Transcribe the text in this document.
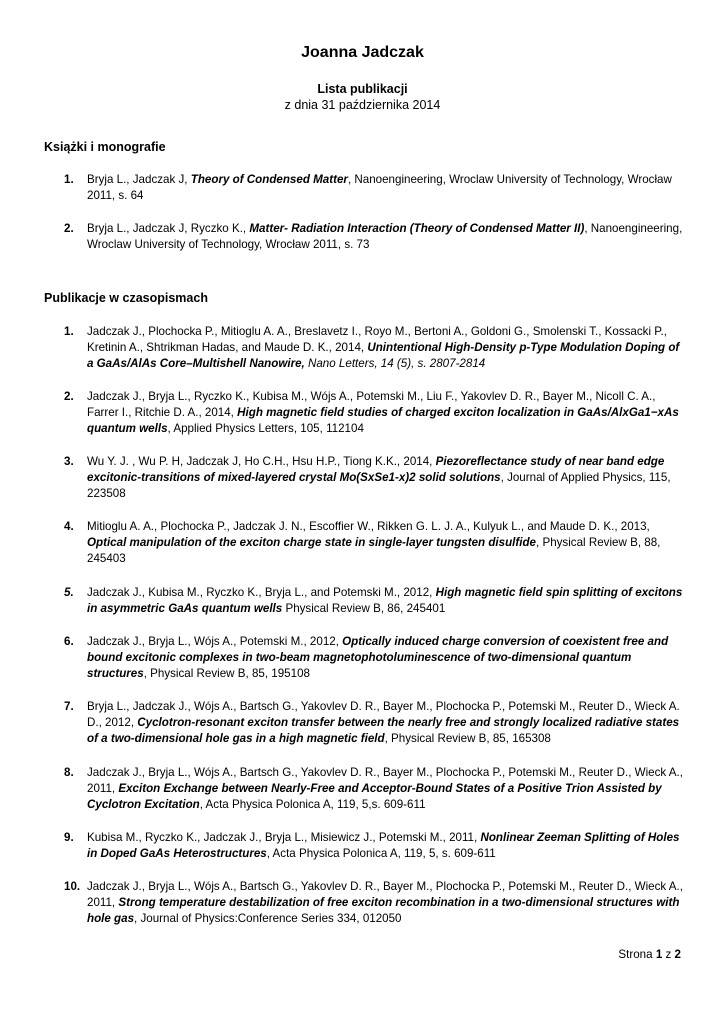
Joanna Jadczak
Lista publikacji
z dnia 31 października 2014
Książki i monografie
1. Bryja L., Jadczak J, Theory of Condensed Matter, Nanoengineering, Wroclaw University of Technology, Wrocław 2011, s. 64
2. Bryja L., Jadczak J, Ryczko K., Matter- Radiation Interaction (Theory of Condensed Matter II), Nanoengineering, Wroclaw University of Technology, Wrocław 2011, s. 73
Publikacje w czasopismach
1. Jadczak J., Plochocka P., Mitioglu A. A., Breslavetz I., Royo M., Bertoni A., Goldoni G., Smolenski T., Kossacki P., Kretinin A., Shtrikman Hadas, and Maude D. K., 2014, Unintentional High-Density p-Type Modulation Doping of a GaAs/AlAs Core–Multishell Nanowire, Nano Letters, 14 (5), s. 2807-2814
2. Jadczak J., Bryja L., Ryczko K., Kubisa M., Wójs A., Potemski M., Liu F., Yakovlev D. R., Bayer M., Nicoll C. A., Farrer I., Ritchie D. A., 2014, High magnetic field studies of charged exciton localization in GaAs/AlxGa1−xAs quantum wells, Applied Physics Letters, 105, 112104
3. Wu Y. J. , Wu P. H, Jadczak J, Ho C.H., Hsu H.P., Tiong K.K., 2014, Piezoreflectance study of near band edge excitonic-transitions of mixed-layered crystal Mo(SxSe1-x)2 solid solutions, Journal of Applied Physics, 115, 223508
4. Mitioglu A. A., Plochocka P., Jadczak J. N., Escoffier W., Rikken G. L. J. A., Kulyuk L., and Maude D. K., 2013, Optical manipulation of the exciton charge state in single-layer tungsten disulfide, Physical Review B, 88, 245403
5. Jadczak J., Kubisa M., Ryczko K., Bryja L., and Potemski M., 2012, High magnetic field spin splitting of excitons in asymmetric GaAs quantum wells Physical Review B, 86, 245401
6. Jadczak J., Bryja L., Wójs A., Potemski M., 2012, Optically induced charge conversion of coexistent free and bound excitonic complexes in two-beam magnetophotoluminescence of two-dimensional quantum structures, Physical Review B, 85, 195108
7. Bryja L., Jadczak J., Wójs A., Bartsch G., Yakovlev D. R., Bayer M., Plochocka P., Potemski M., Reuter D., Wieck A. D., 2012, Cyclotron-resonant exciton transfer between the nearly free and strongly localized radiative states of a two-dimensional hole gas in a high magnetic field, Physical Review B, 85, 165308
8. Jadczak J., Bryja L., Wójs A., Bartsch G., Yakovlev D. R., Bayer M., Plochocka P., Potemski M., Reuter D., Wieck A., 2011, Exciton Exchange between Nearly-Free and Acceptor-Bound States of a Positive Trion Assisted by Cyclotron Excitation, Acta Physica Polonica A, 119, 5,s. 609-611
9. Kubisa M., Ryczko K., Jadczak J., Bryja L., Misiewicz J., Potemski M., 2011, Nonlinear Zeeman Splitting of Holes in Doped GaAs Heterostructures, Acta Physica Polonica A, 119, 5, s. 609-611
10. Jadczak J., Bryja L., Wójs A., Bartsch G., Yakovlev D. R., Bayer M., Plochocka P., Potemski M., Reuter D., Wieck A., 2011, Strong temperature destabilization of free exciton recombination in a two-dimensional structures with hole gas, Journal of Physics:Conference Series 334, 012050
Strona 1 z 2
